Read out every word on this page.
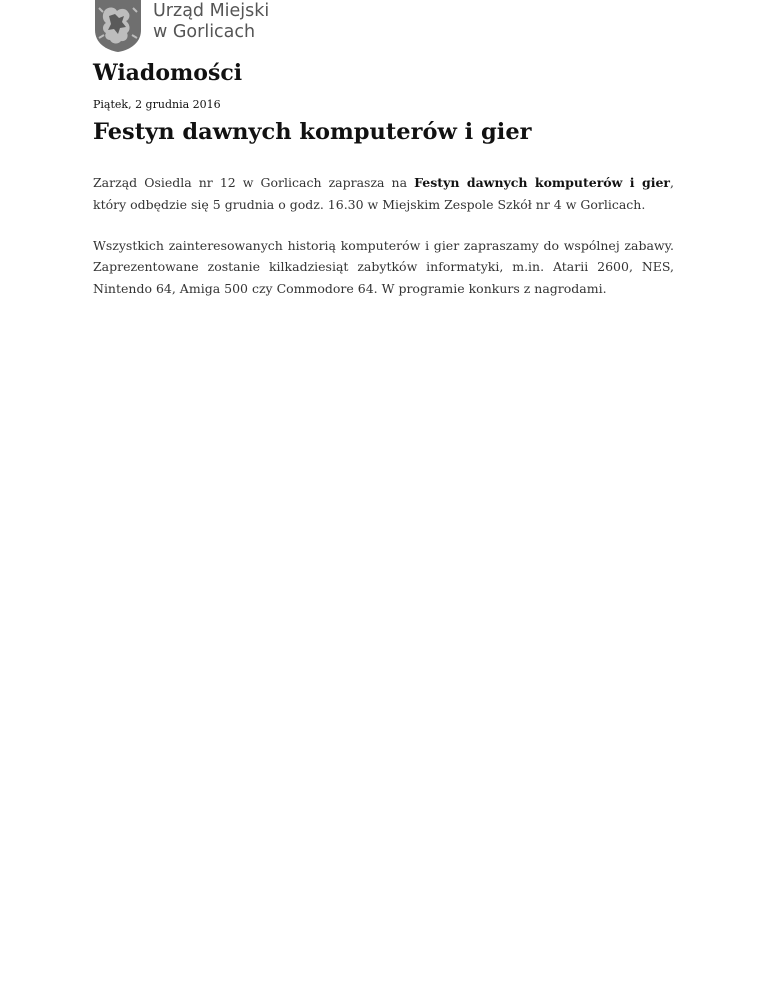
Urząd Miejski
w Gorlicach
Wiadomości
Piątek, 2 grudnia 2016
Festyn dawnych komputerów i gier

Zarząd Osiedla nr 12 w Gorlicach zaprasza na Festyn dawnych komputerów i gier, który odbędzie się 5 grudnia o godz. 16.30 w Miejskim Zespole Szkół nr 4 w Gorlicach.

Wszystkich zainteresowanych historią komputerów i gier zapraszamy do wspólnej zabawy. Zaprezentowane zostanie kilkadziesiąt zabytków informatyki, m.in. Atarii 2600, NES, Nintendo 64, Amiga 500 czy Commodore 64. W programie konkurs z nagrodami.
